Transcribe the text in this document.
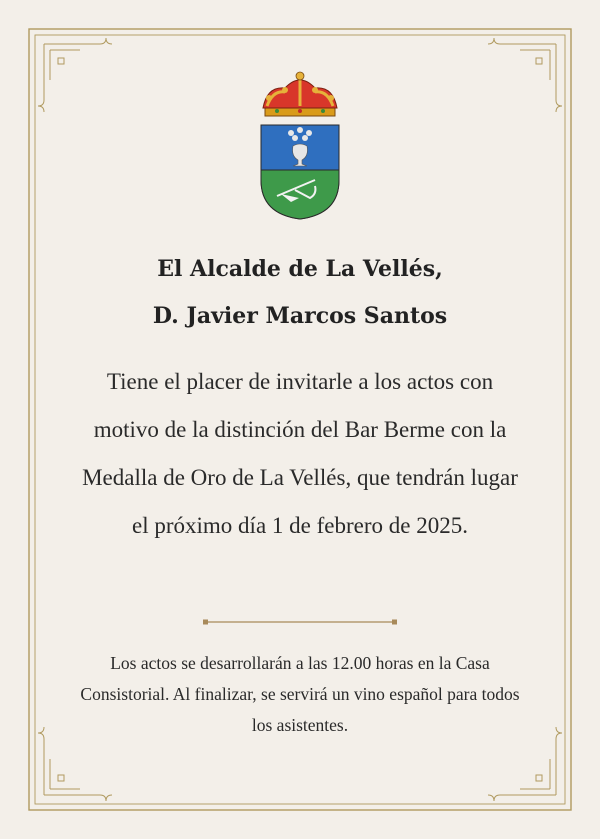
El Alcalde de La Vellés,
D. Javier Marcos Santos
Tiene el placer de invitarle a los actos con motivo de la distinción del Bar Berme con la Medalla de Oro de La Vellés, que tendrán lugar el próximo día 1 de febrero de 2025.
Los actos se desarrollarán a las 12.00 horas en la Casa Consistorial. Al finalizar, se servirá un vino español para todos los asistentes.
